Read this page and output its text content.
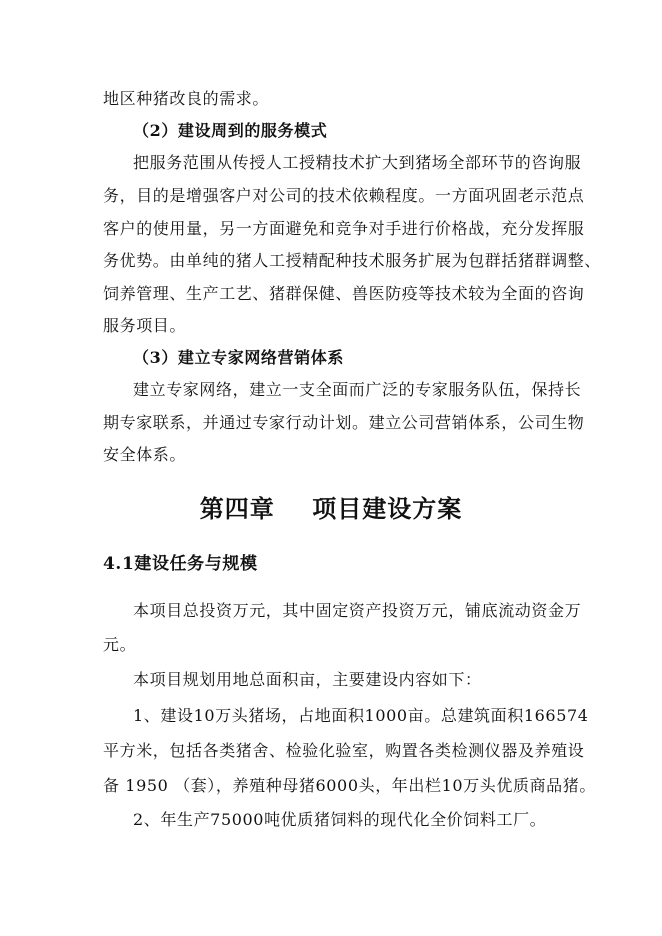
地区种猪改良的需求。
（2）建设周到的服务模式
把服务范围从传授人工授精技术扩大到猪场全部环节的咨询服
务，目的是增强客户对公司的技术依赖程度。一方面巩固老示范点
客户的使用量，另一方面避免和竞争对手进行价格战，充分发挥服
务优势。由单纯的猪人工授精配种技术服务扩展为包群括猪群调整、
饲养管理、生产工艺、猪群保健、兽医防疫等技术较为全面的咨询
服务项目。
（3）建立专家网络营销体系
建立专家网络，建立一支全面而广泛的专家服务队伍，保持长
期专家联系，并通过专家行动计划。建立公司营销体系，公司生物
安全体系。
第四章    项目建设方案
4.1建设任务与规模
本项目总投资万元，其中固定资产投资万元，铺底流动资金万
元。
本项目规划用地总面积亩，主要建设内容如下：
1、建设10万头猪场，占地面积1000亩。总建筑面积166574
平方米，包括各类猪舍、检验化验室，购置各类检测仪器及养殖设
备 1950 （套），养殖种母猪6000头，年出栏10万头优质商品猪。
2、年生产75000吨优质猪饲料的现代化全价饲料工厂。
